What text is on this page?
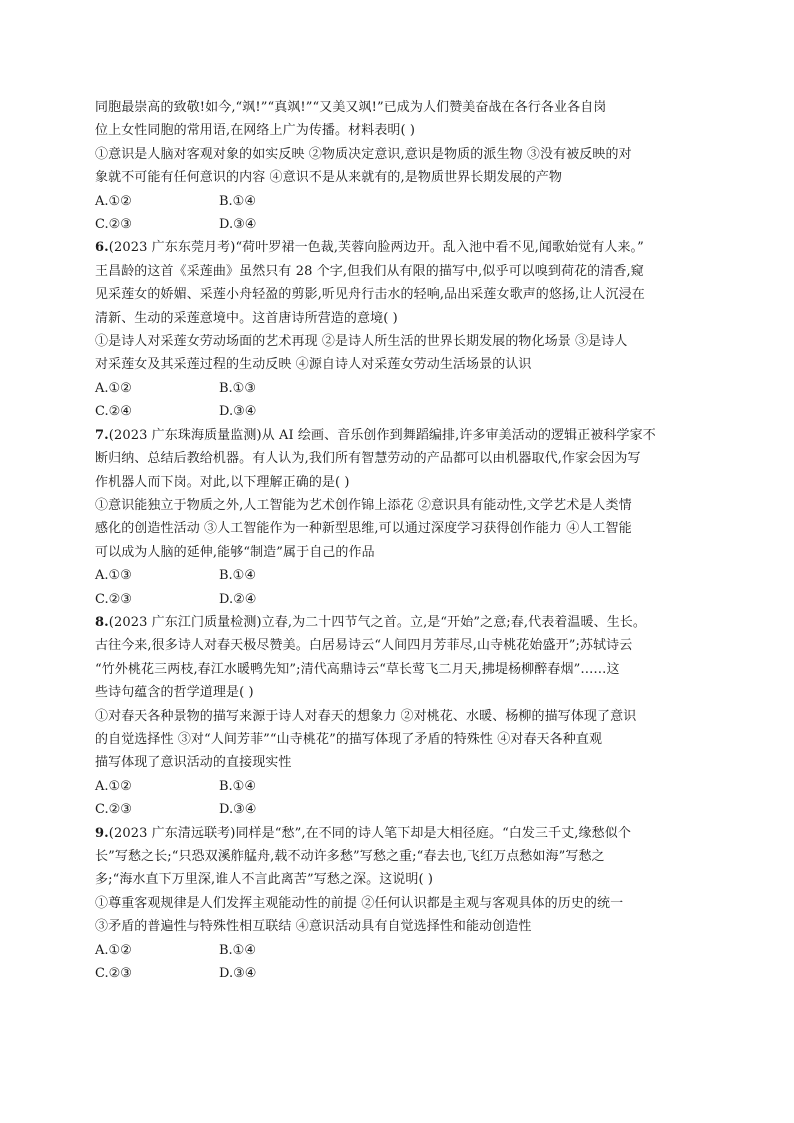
同胞最崇高的致敬!如今,“飒!”“真飒!”“又美又飒!”已成为人们赞美奋战在各行各业各自岗
位上女性同胞的常用语,在网络上广为传播。材料表明( )
①意识是人脑对客观对象的如实反映 ②物质决定意识,意识是物质的派生物 ③没有被反映的对
象就不可能有任何意识的内容 ④意识不是从来就有的,是物质世界长期发展的产物
A.①②	B.①④
C.②③	D.③④
6.(2023 广东东莞月考)“荷叶罗裙一色裁,芙蓉向脸两边开。乱入池中看不见,闻歌始觉有人来。”
王昌龄的这首《采莲曲》虽然只有 28 个字,但我们从有限的描写中,似乎可以嗅到荷花的清香,窥
见采莲女的娇媚、采莲小舟轻盈的剪影,听见舟行击水的轻响,品出采莲女歌声的悠扬,让人沉浸在
清新、生动的采莲意境中。这首唐诗所营造的意境( )
①是诗人对采莲女劳动场面的艺术再现 ②是诗人所生活的世界长期发展的物化场景 ③是诗人
对采莲女及其采莲过程的生动反映 ④源自诗人对采莲女劳动生活场景的认识
A.①②	B.①③
C.②④	D.③④
7.(2023 广东珠海质量监测)从 AI 绘画、音乐创作到舞蹈编排,许多审美活动的逻辑正被科学家不
断归纳、总结后教给机器。有人认为,我们所有智慧劳动的产品都可以由机器取代,作家会因为写
作机器人而下岗。对此,以下理解正确的是( )
①意识能独立于物质之外,人工智能为艺术创作锦上添花 ②意识具有能动性,文学艺术是人类情
感化的创造性活动 ③人工智能作为一种新型思维,可以通过深度学习获得创作能力 ④人工智能
可以成为人脑的延伸,能够“制造”属于自己的作品
A.①③	B.①④
C.②③	D.②④
8.(2023 广东江门质量检测)立春,为二十四节气之首。立,是“开始”之意;春,代表着温暖、生长。
古往今来,很多诗人对春天极尽赞美。白居易诗云“人间四月芳菲尽,山寺桃花始盛开”;苏轼诗云
“竹外桃花三两枝,春江水暖鸭先知”;清代高鼎诗云“草长莺飞二月天,拂堤杨柳醉春烟”……这
些诗句蕴含的哲学道理是( )
①对春天各种景物的描写来源于诗人对春天的想象力 ②对桃花、水暖、杨柳的描写体现了意识
的自觉选择性 ③对“人间芳菲”“山寺桃花”的描写体现了矛盾的特殊性 ④对春天各种直观
描写体现了意识活动的直接现实性
A.①②	B.①④
C.②③	D.③④
9.(2023 广东清远联考)同样是“愁”,在不同的诗人笔下却是大相径庭。“白发三千丈,缘愁似个
长”写愁之长;“只恐双溪舴艋舟,载不动许多愁”写愁之重;“春去也,飞红万点愁如海”写愁之
多;“海水直下万里深,谁人不言此离苦”写愁之深。这说明( )
①尊重客观规律是人们发挥主观能动性的前提 ②任何认识都是主观与客观具体的历史的统一
③矛盾的普遍性与特殊性相互联结 ④意识活动具有自觉选择性和能动创造性
A.①②	B.①④
C.②③	D.③④
